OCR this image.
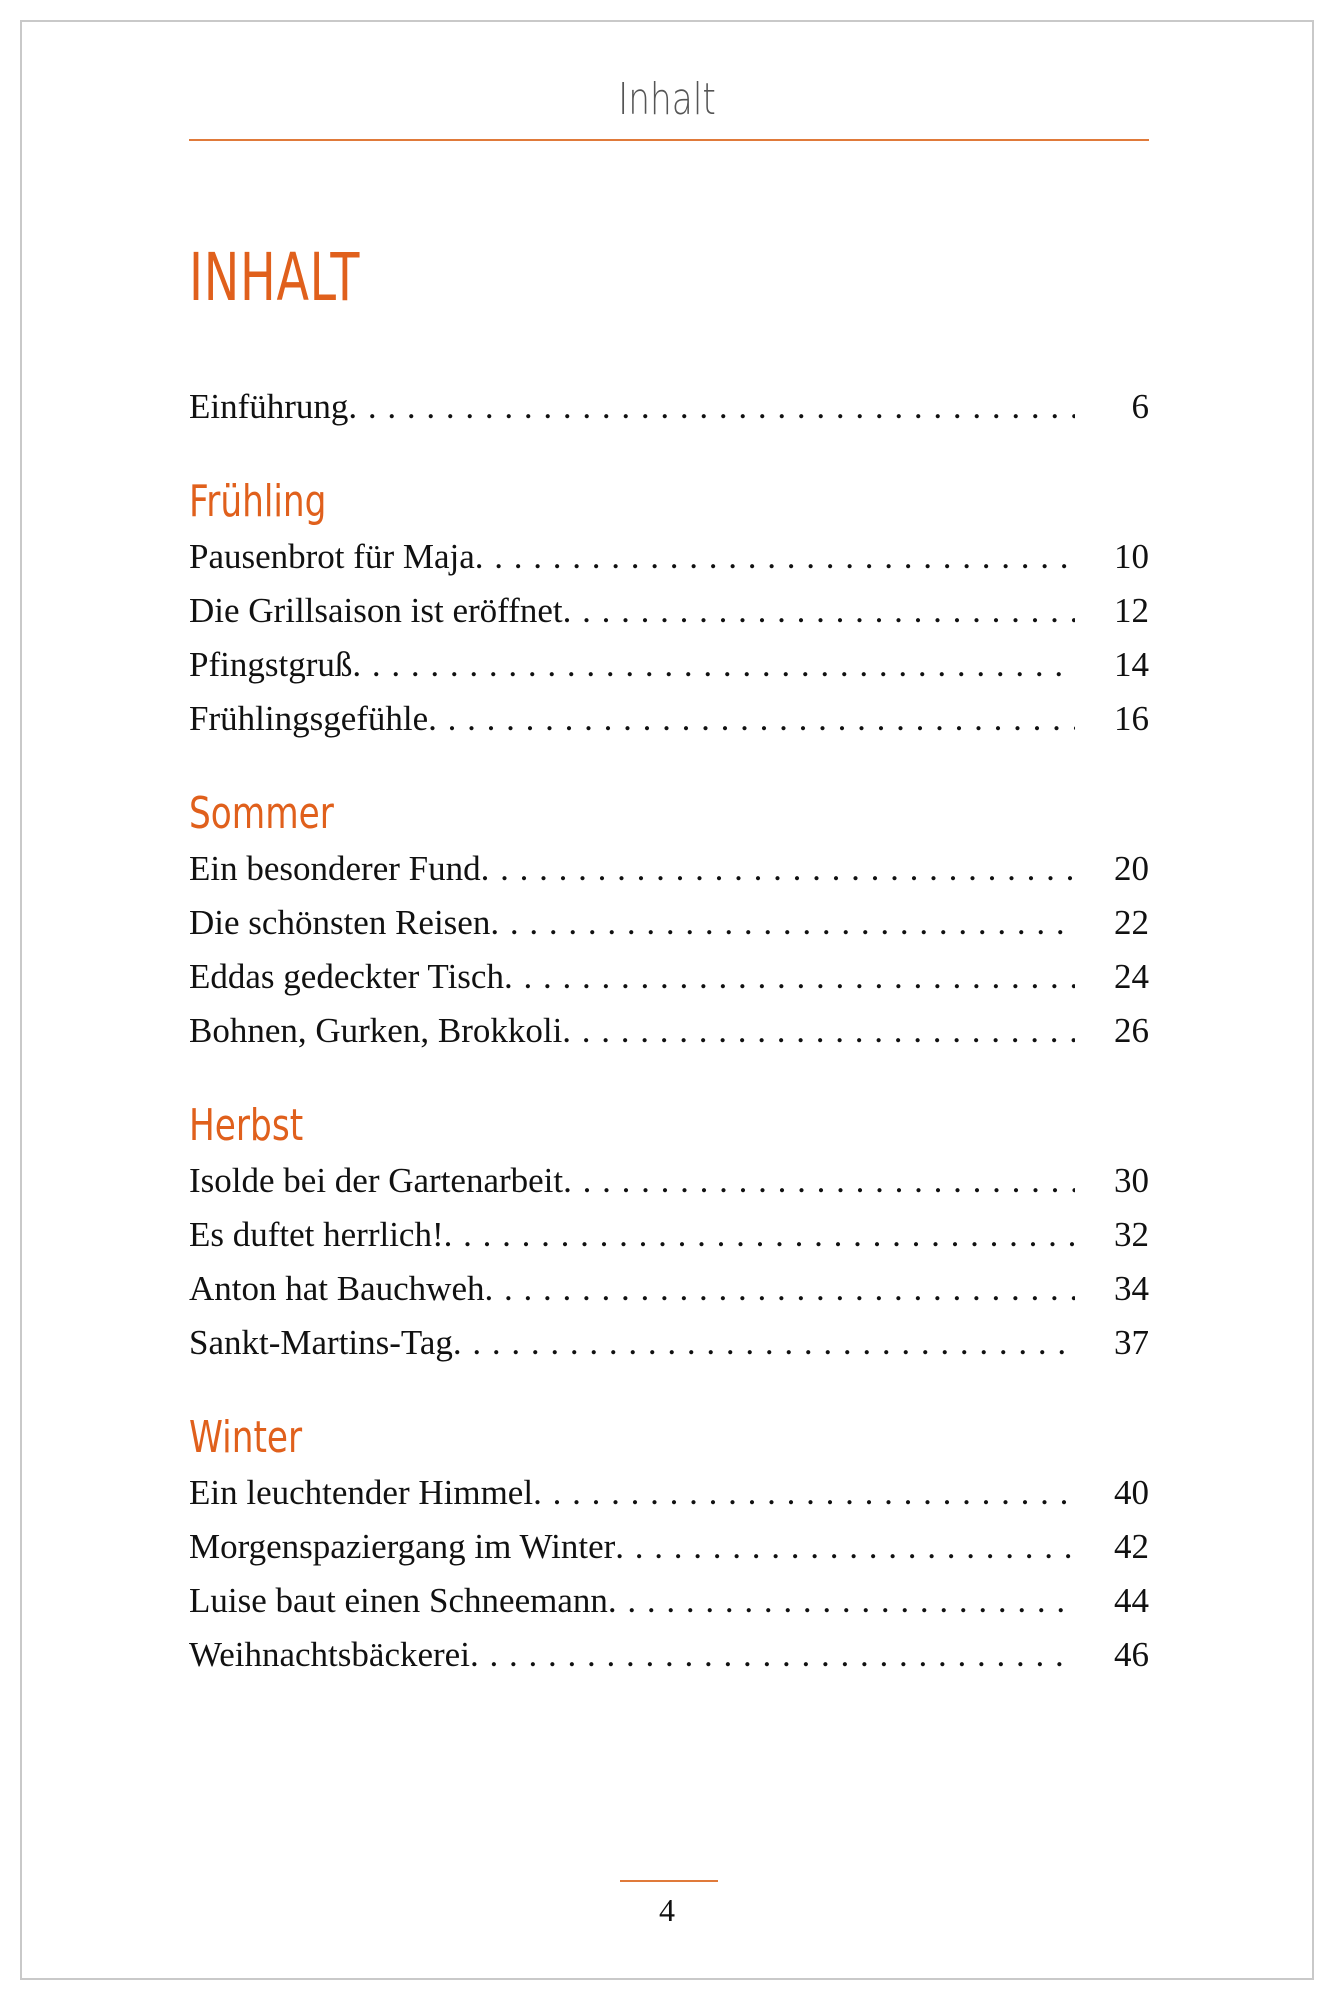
Inhalt
INHALT
Einführung . . .	6
Frühling
Pausenbrot für Maja . . .	10
Die Grillsaison ist eröffnet . . .	12
Pfingstgruß . . .	14
Frühlingsgefühle . . .	16
Sommer
Ein besonderer Fund . . .	20
Die schönsten Reisen . . .	22
Eddas gedeckter Tisch . . .	24
Bohnen, Gurken, Brokkoli . . .	26
Herbst
Isolde bei der Gartenarbeit . . .	30
Es duftet herrlich! . . .	32
Anton hat Bauchweh . . .	34
Sankt-Martins-Tag . . .	37
Winter
Ein leuchtender Himmel . . .	40
Morgenspaziergang im Winter . . .	42
Luise baut einen Schneemann . . .	44
Weihnachtsbäckerei . . .	46
4
